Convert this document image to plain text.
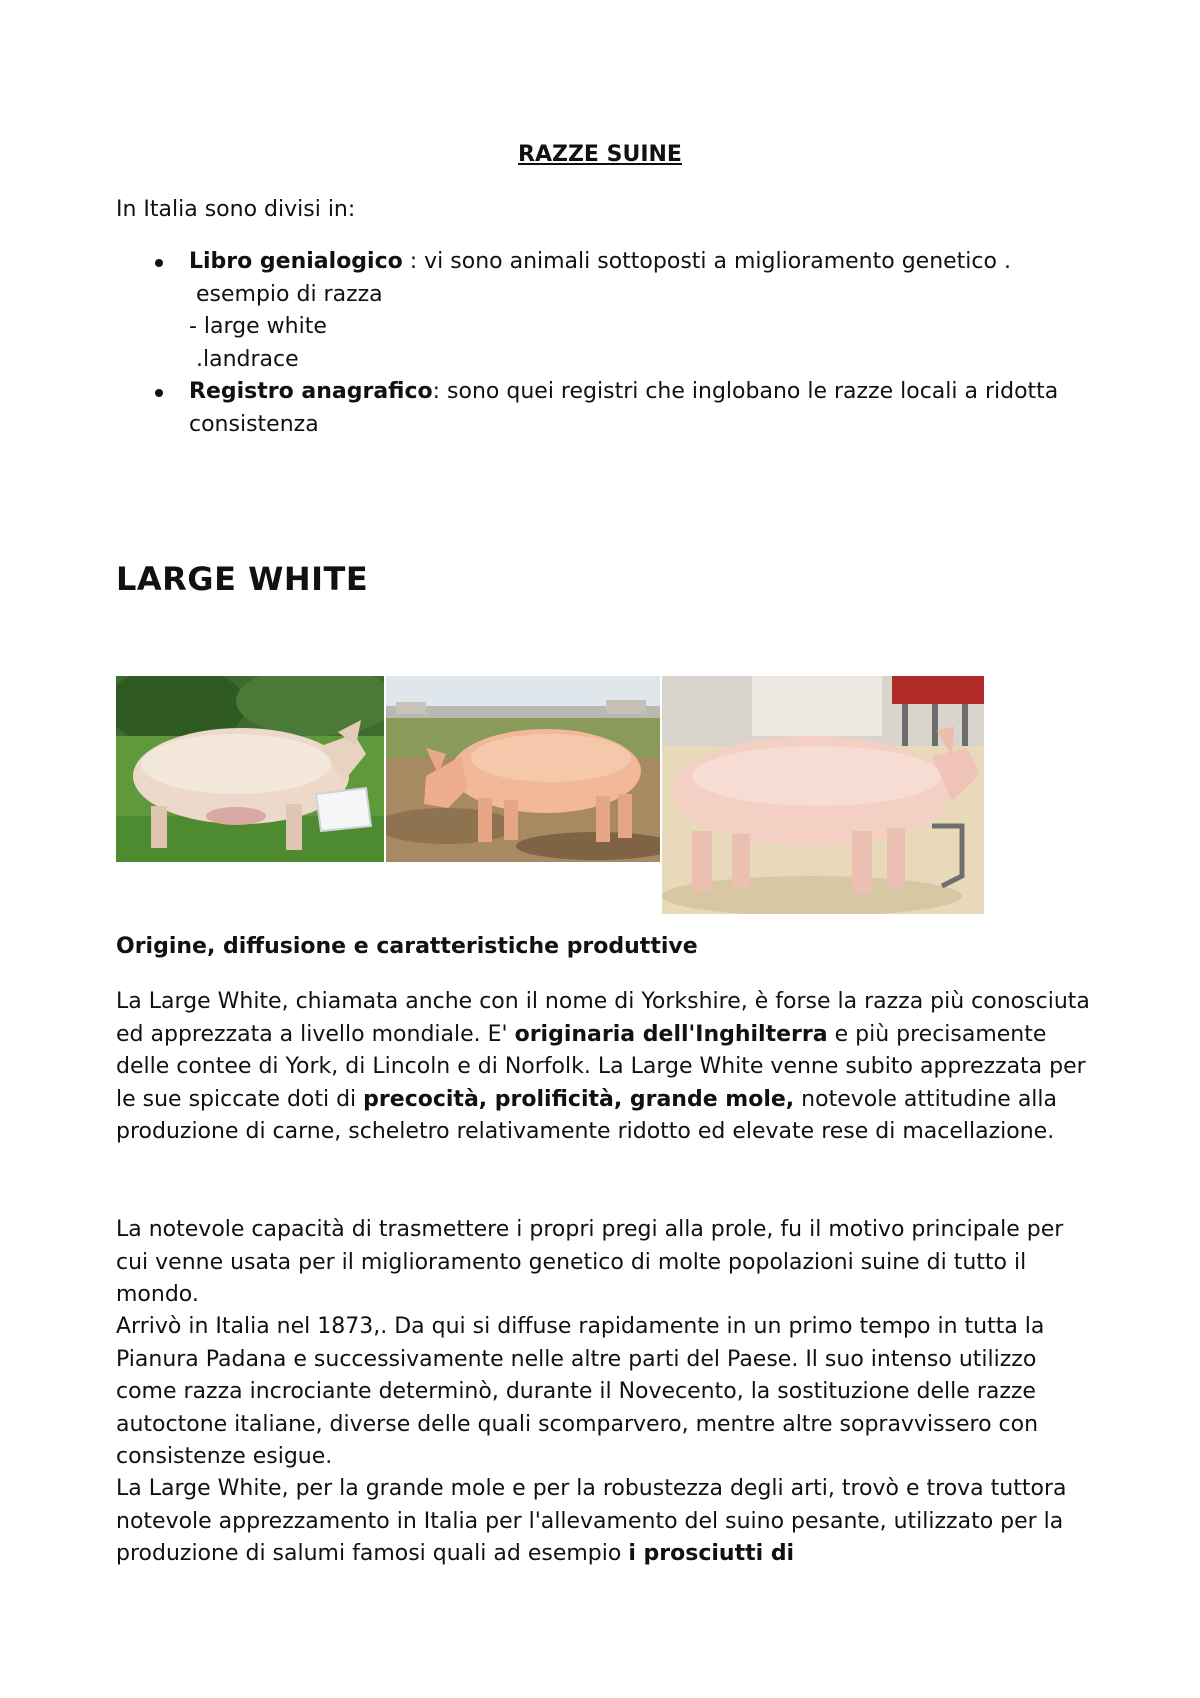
RAZZE SUINE
In Italia sono divisi in:
Libro genialogico : vi sono animali sottoposti a miglioramento genetico .
esempio di razza
- large white
.landrace
Registro anagrafico: sono quei registri che inglobano le razze locali a ridotta consistenza
LARGE WHITE
Origine, diffusione e caratteristiche produttive

La Large White, chiamata anche con il nome di Yorkshire, è forse la razza più conosciuta ed apprezzata a livello mondiale. E' originaria dell'Inghilterra e più precisamente delle contee di York, di Lincoln e di Norfolk. La Large White venne subito apprezzata per le sue spiccate doti di precocità, prolificità, grande mole, notevole attitudine alla produzione di carne, scheletro relativamente ridotto ed elevate rese di macellazione.

La notevole capacità di trasmettere i propri pregi alla prole, fu il motivo principale per cui venne usata per il miglioramento genetico di molte popolazioni suine di tutto il mondo.

Arrivò in Italia nel 1873,. Da qui si diffuse rapidamente in un primo tempo in tutta la Pianura Padana e successivamente nelle altre parti del Paese. Il suo intenso utilizzo come razza incrociante determinò, durante il Novecento, la sostituzione delle razze autoctone italiane, diverse delle quali scomparvero, mentre altre sopravvissero con consistenze esigue.

La Large White, per la grande mole e per la robustezza degli arti, trovò e trova tuttora notevole apprezzamento in Italia per l'allevamento del suino pesante, utilizzato per la produzione di salumi famosi quali ad esempio i prosciutti di
